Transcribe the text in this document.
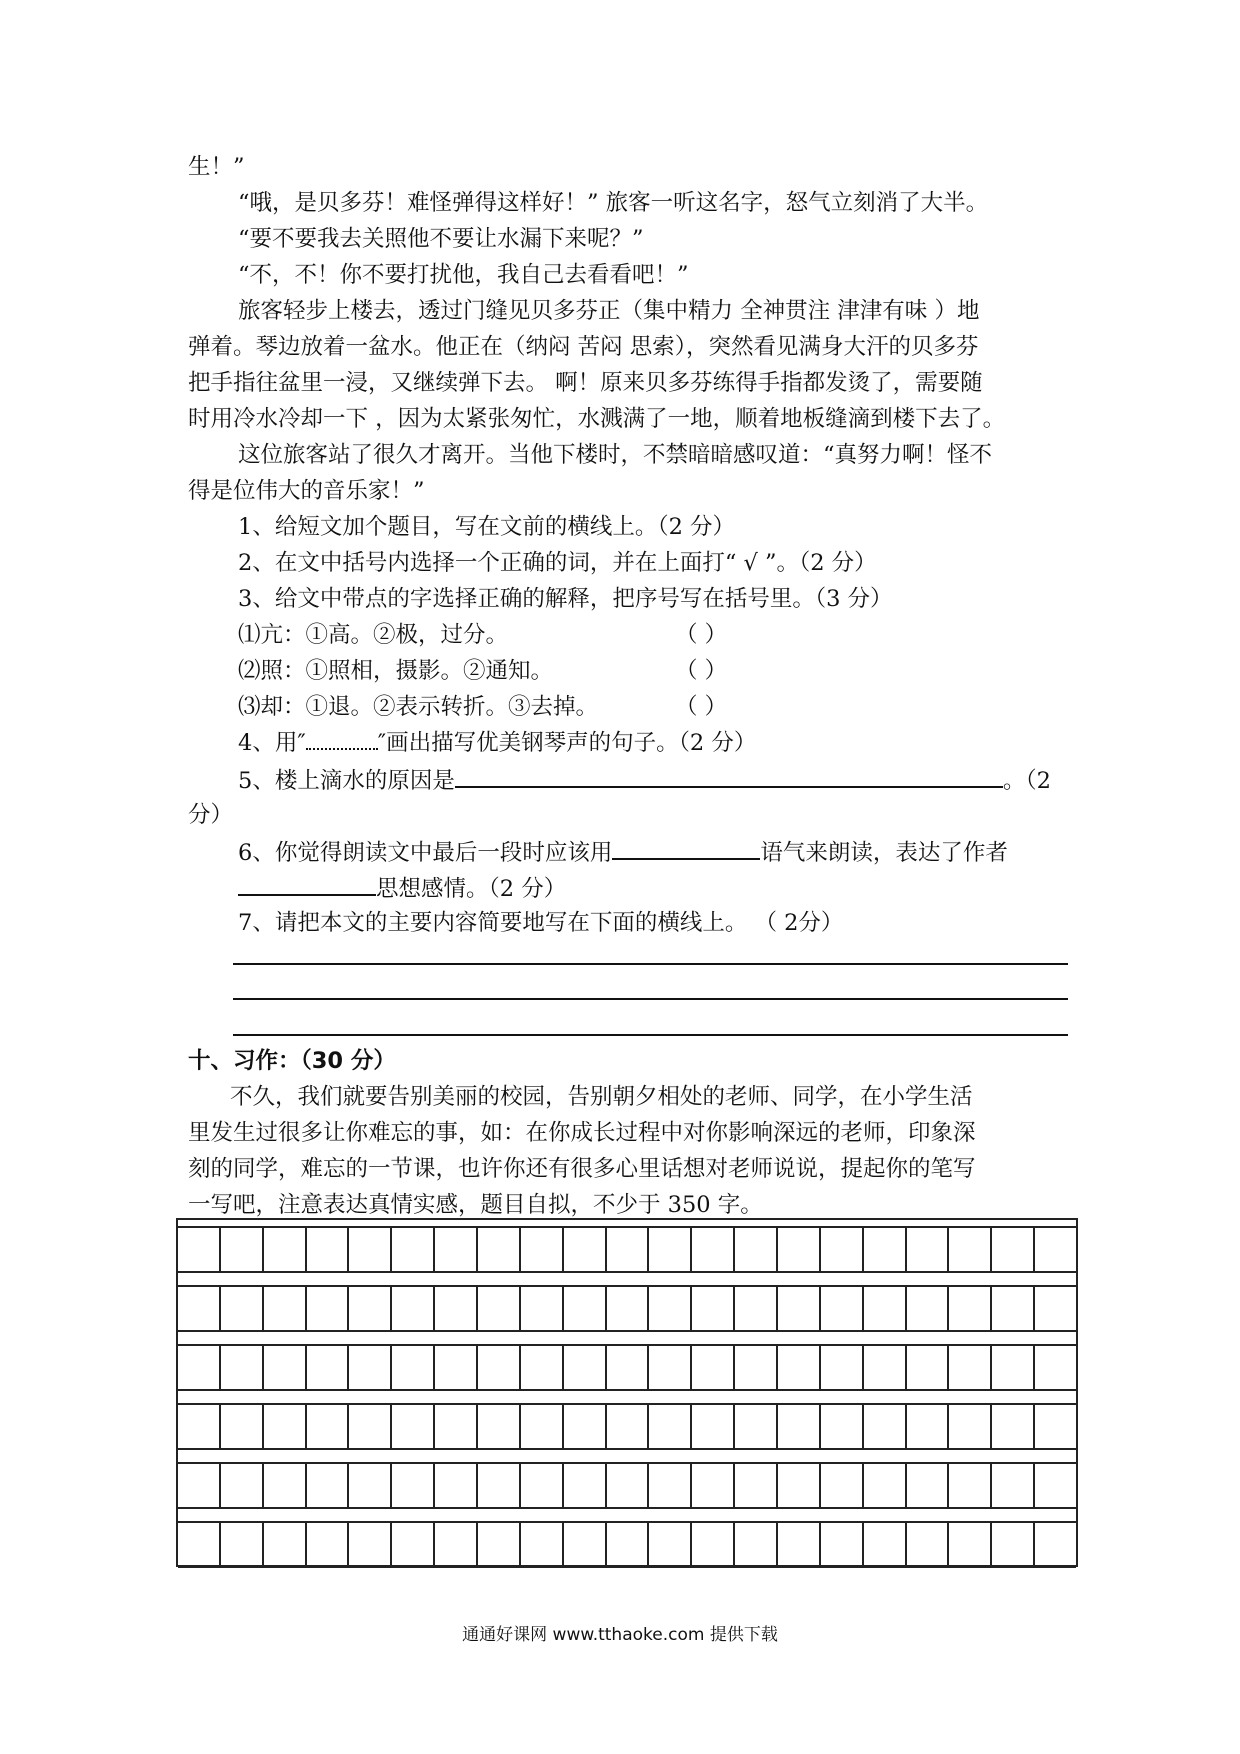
生！”
“哦，是贝多芬！难怪弹得这样好！” 旅客一听这名字，怒气立刻消了大半。
“要不要我去关照他不要让水漏下来呢？”
“不，不！你不要打扰他，我自己去看看吧！”
旅客轻步上楼去，透过门缝见贝多芬正（集中精力 全神贯注 津津有味 ）地
弹着。琴边放着一盆水。他正在（纳闷 苦闷 思索），突然看见满身大汗的贝多芬
把手指往盆里一浸，又继续弹下去。 啊！原来贝多芬练得手指都发烫了，需要随
时用冷水冷却一下 ，因为太紧张匆忙，水溅满了一地，顺着地板缝滴到楼下去了。
这位旅客站了很久才离开。当他下楼时，不禁暗暗感叹道：“真努力啊！怪不
得是位伟大的音乐家！”
1、给短文加个题目，写在文前的横线上。（2 分）
2、在文中括号内选择一个正确的词，并在上面打“ √ ”。（2 分）
3、给文中带点的字选择正确的解释，把序号写在括号里。（3 分）
⑴亢：①高。②极，过分。	（ ）
⑵照：①照相，摄影。②通知。	（ ）
⑶却：①退。②表示转折。③去掉。	（ ）
4、用″	″画出描写优美钢琴声的句子。（2 分）
5、楼上滴水的原因是	。（2
分）
6、你觉得朗读文中最后一段时应该用	语气来朗读，表达了作者
思想感情。（2 分）
7、请把本文的主要内容简要地写在下面的横线上。 （ 2分）
十、习作：（30 分）
不久，我们就要告别美丽的校园，告别朝夕相处的老师、同学，在小学生活
里发生过很多让你难忘的事，如：在你成长过程中对你影响深远的老师，印象深
刻的同学，难忘的一节课，也许你还有很多心里话想对老师说说，提起你的笔写
一写吧，注意表达真情实感，题目自拟，不少于 350 字。
通通好课网 www.tthaoke.com 提供下载
